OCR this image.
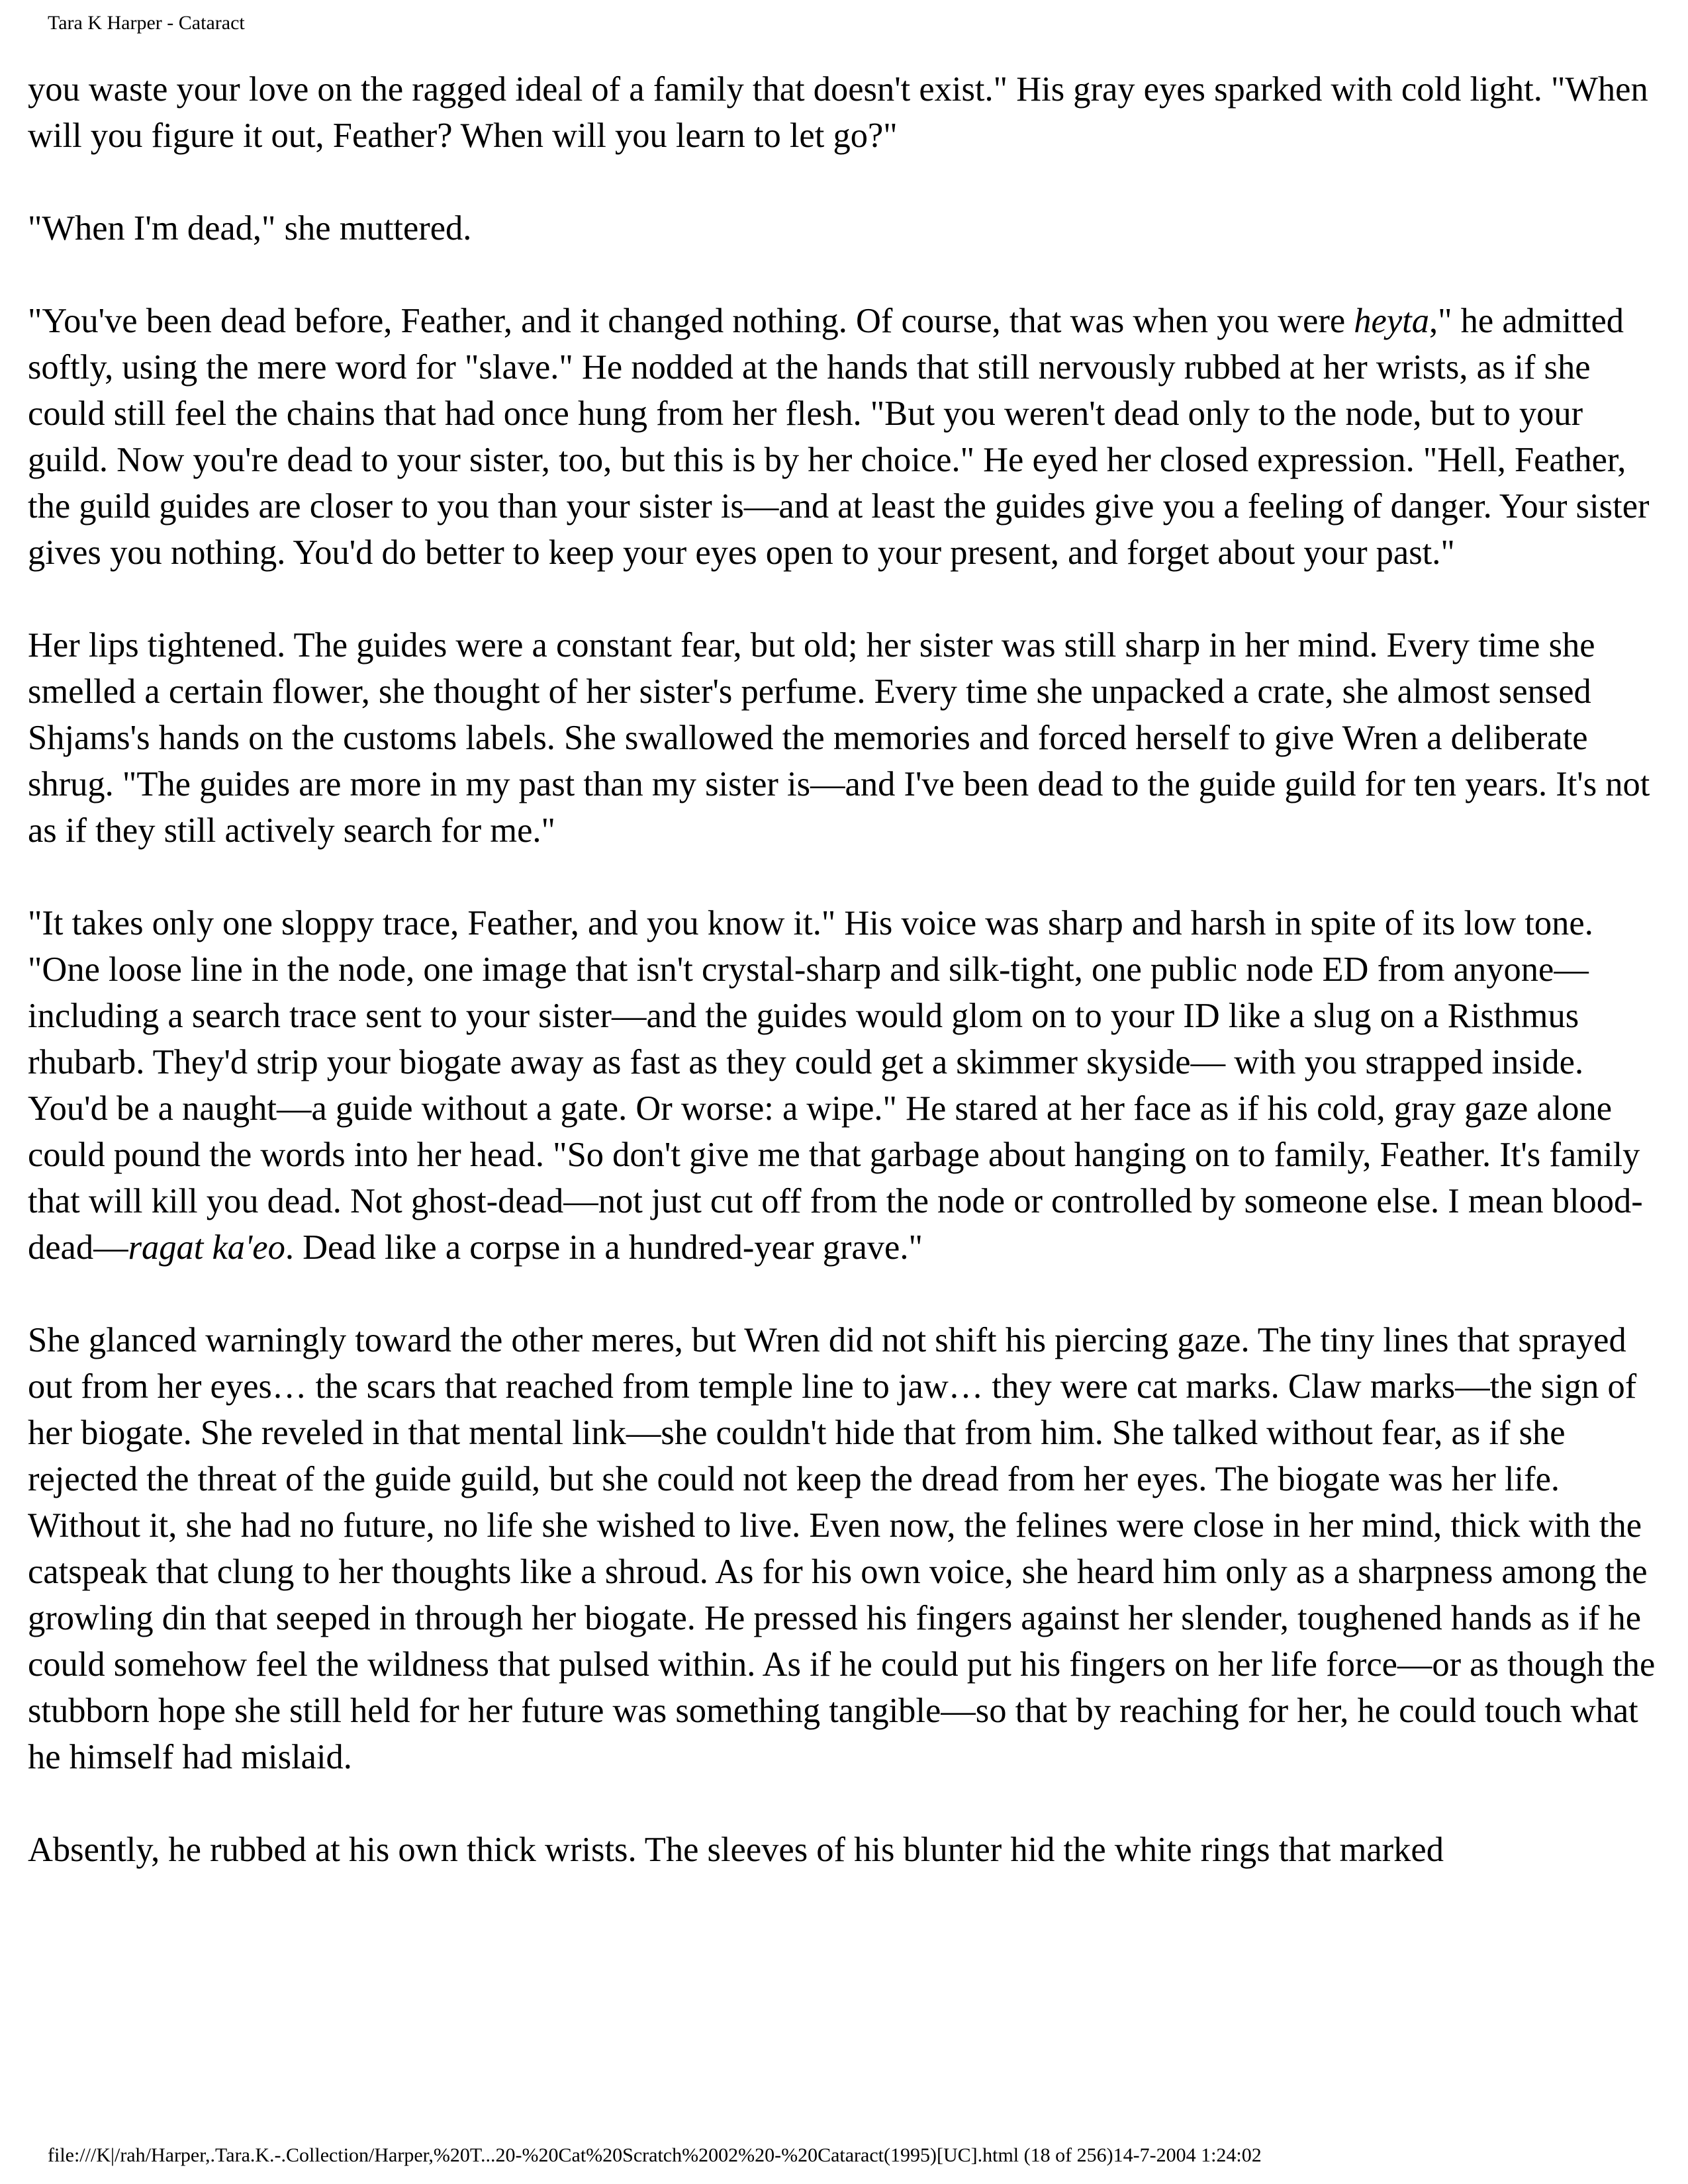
Tara K Harper - Cataract

you waste your love on the ragged ideal of a family that doesn't exist." His gray eyes sparked with cold light. "When will you figure it out, Feather? When will you learn to let go?"

"When I'm dead," she muttered.

"You've been dead before, Feather, and it changed nothing. Of course, that was when you were heyta," he admitted softly, using the mere word for "slave." He nodded at the hands that still nervously rubbed at her wrists, as if she could still feel the chains that had once hung from her flesh. "But you weren't dead only to the node, but to your guild. Now you're dead to your sister, too, but this is by her choice." He eyed her closed expression. "Hell, Feather, the guild guides are closer to you than your sister is—and at least the guides give you a feeling of danger. Your sister gives you nothing. You'd do better to keep your eyes open to your present, and forget about your past."

Her lips tightened. The guides were a constant fear, but old; her sister was still sharp in her mind. Every time she smelled a certain flower, she thought of her sister's perfume. Every time she unpacked a crate, she almost sensed Shjams's hands on the customs labels. She swallowed the memories and forced herself to give Wren a deliberate shrug. "The guides are more in my past than my sister is—and I've been dead to the guide guild for ten years. It's not as if they still actively search for me."

"It takes only one sloppy trace, Feather, and you know it." His voice was sharp and harsh in spite of its low tone. "One loose line in the node, one image that isn't crystal-sharp and silk-tight, one public node ED from anyone—including a search trace sent to your sister—and the guides would glom on to your ID like a slug on a Risthmus rhubarb. They'd strip your biogate away as fast as they could get a skimmer skyside— with you strapped inside. You'd be a naught—a guide without a gate. Or worse: a wipe." He stared at her face as if his cold, gray gaze alone could pound the words into her head. "So don't give me that garbage about hanging on to family, Feather. It's family that will kill you dead. Not ghost-dead—not just cut off from the node or controlled by someone else. I mean blood-dead—ragat ka'eo. Dead like a corpse in a hundred-year grave."

She glanced warningly toward the other meres, but Wren did not shift his piercing gaze. The tiny lines that sprayed out from her eyes… the scars that reached from temple line to jaw… they were cat marks. Claw marks—the sign of her biogate. She reveled in that mental link—she couldn't hide that from him. She talked without fear, as if she rejected the threat of the guide guild, but she could not keep the dread from her eyes. The biogate was her life. Without it, she had no future, no life she wished to live. Even now, the felines were close in her mind, thick with the catspeak that clung to her thoughts like a shroud. As for his own voice, she heard him only as a sharpness among the growling din that seeped in through her biogate. He pressed his fingers against her slender, toughened hands as if he could somehow feel the wildness that pulsed within. As if he could put his fingers on her life force—or as though the stubborn hope she still held for her future was something tangible—so that by reaching for her, he could touch what he himself had mislaid.

Absently, he rubbed at his own thick wrists. The sleeves of his blunter hid the white rings that marked

file:///K|/rah/Harper,.Tara.K.-.Collection/Harper,%20T...20-%20Cat%20Scratch%2002%20-%20Cataract(1995)[UC].html (18 of 256)14-7-2004 1:24:02
